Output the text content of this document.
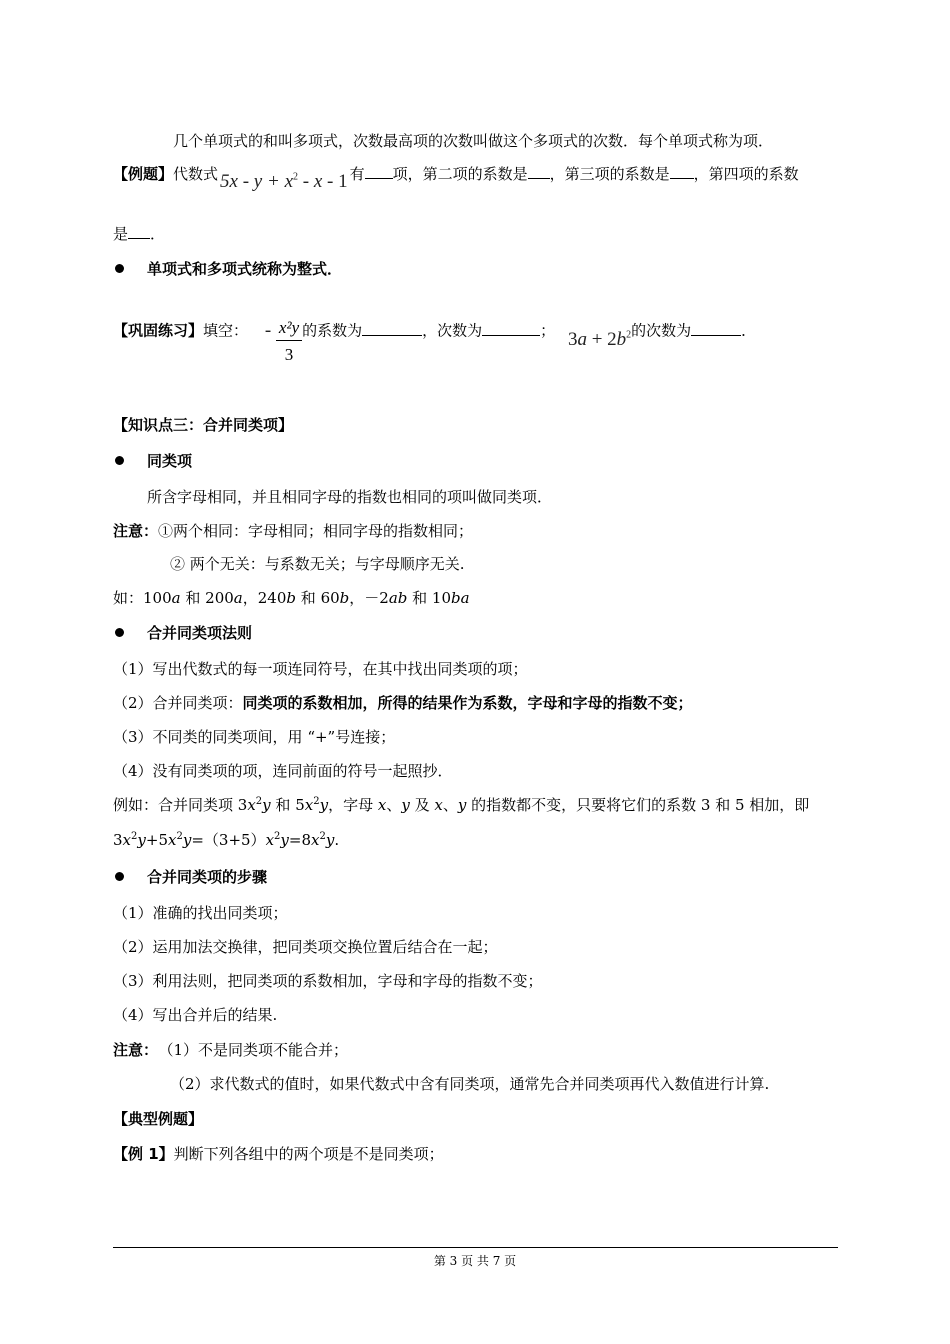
几个单项式的和叫多项式，次数最高项的次数叫做这个多项式的次数．每个单项式称为项．
【例题】代数式 $5x - y + x^2 - x - 1$ 有 项，第二项的系数是 ，第三项的系数是 ，第四项的系数
是 ．
单项式和多项式统称为整式．
【巩固练习】填空： - $\frac{\text{x²y}}{3}$ 的系数为	，次数为	； $3a + 2b^2$的次数为	．
【知识点三：合并同类项】
同类项
所含字母相同，并且相同字母的指数也相同的项叫做同类项．
注意：①两个相同：字母相同；相同字母的指数相同；
② 两个无关：与系数无关；与字母顺序无关.
如：100a 和 200a，240b 和 60b，－2ab 和 10ba
合并同类项法则
（1）写出代数式的每一项连同符号，在其中找出同类项的项；
（2）合并同类项：同类项的系数相加，所得的结果作为系数，字母和字母的指数不变；
（3）不同类的同类项间，用 “+”号连接；
（4）没有同类项的项，连同前面的符号一起照抄．
例如：合并同类项 $3x^2y$ 和 $5x^2y$，字母 x、y 及 x、y 的指数都不变，只要将它们的系数 3 和 5 相加，即
$3x^2y+5x^2y=(3+5)x^2y=8x^2y$.
合并同类项的步骤
（1）准确的找出同类项；
（2）运用加法交换律，把同类项交换位置后结合在一起；
（3）利用法则，把同类项的系数相加，字母和字母的指数不变；
（4）写出合并后的结果.
注意： （1）不是同类项不能合并；
（2）求代数式的值时，如果代数式中含有同类项，通常先合并同类项再代入数值进行计算.
【典型例题】
【例 1】判断下列各组中的两个项是不是同类项；
第 3 页 共 7 页
